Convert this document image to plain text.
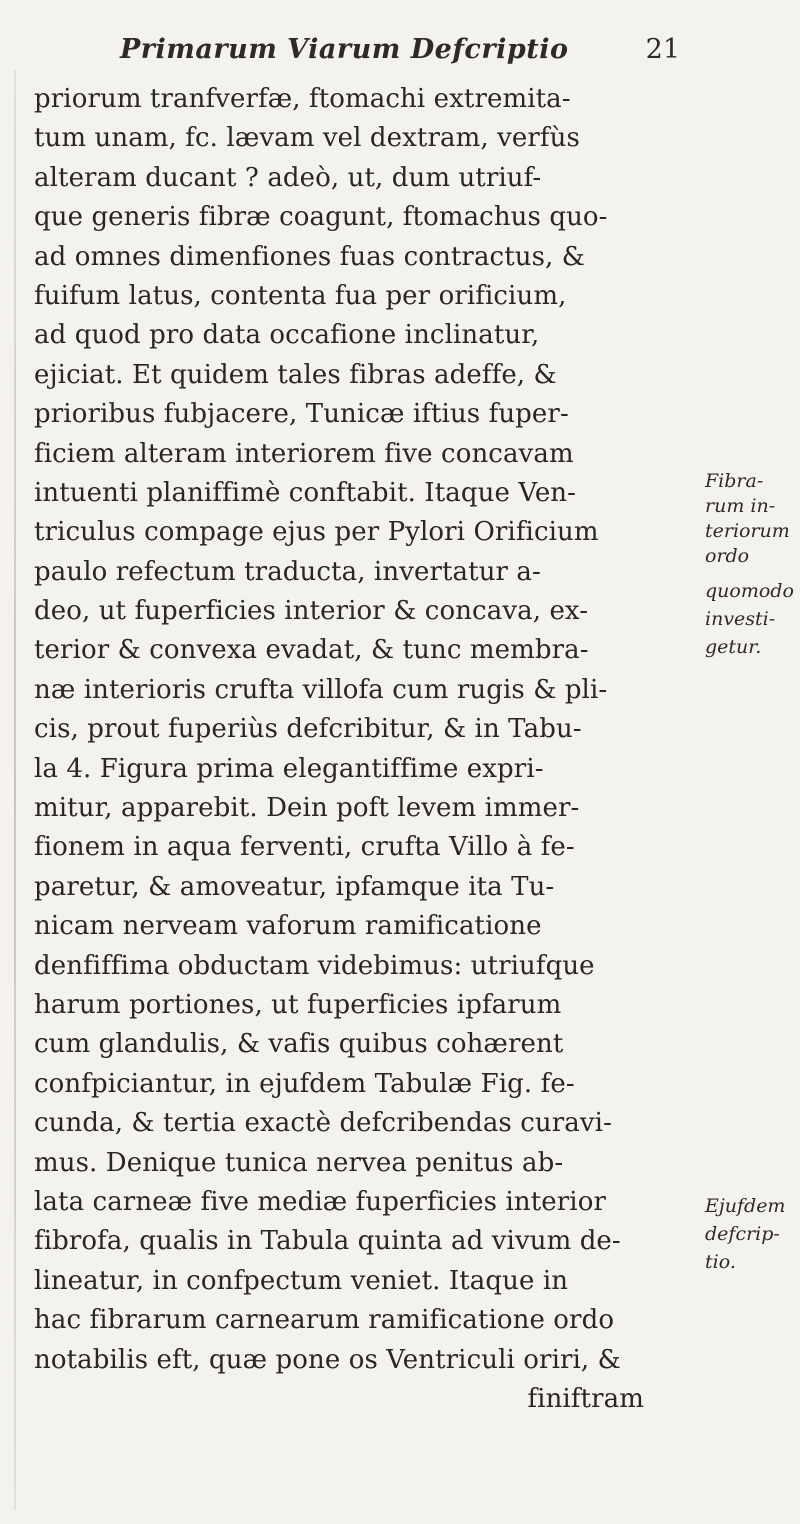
Primarum Viarum Defcriptio	21
priorum tranfverfæ, ftomachi extremita-
tum unam, fc. lævam vel dextram, verfùs
alteram ducant ? adeò, ut, dum utriuf-
que generis fibræ coagunt, ftomachus quo-
ad omnes dimenfiones fuas contractus, &
fuifum latus, contenta fua per orificium,
ad quod pro data occafione inclinatur,
ejiciat. Et quidem tales fibras adeffe, &
prioribus fubjacere, Tunicæ iftius fuper-
ficiem alteram interiorem five concavam
intuenti planiffimè conftabit. Itaque Ven-
triculus compage ejus per Pylori Orificium
paulo refectum traducta, invertatur a-
deo, ut fuperficies interior & concava, ex-
terior & convexa evadat, & tunc membra-
næ interioris crufta villofa cum rugis & pli-
cis, prout fuperiùs defcribitur, & in Tabu-
la 4. Figura prima elegantiffime expri-
mitur, apparebit. Dein poft levem immer-
fionem in aqua ferventi, crufta Villo à fe-
paretur, & amoveatur, ipfamque ita Tu-
nicam nerveam vaforum ramificatione
denfiffima obductam videbimus: utriufque
harum portiones, ut fuperficies ipfarum
cum glandulis, & vafis quibus cohærent
confpiciantur, in ejufdem Tabulæ Fig. fe-
cunda, & tertia exactè defcribendas curavi-
mus. Denique tunica nervea penitus ab-
lata carneæ five mediæ fuperficies interior
fibrofa, qualis in Tabula quinta ad vivum de-
lineatur, in confpectum veniet. Itaque in
hac fibrarum carnearum ramificatione ordo
notabilis eft, quæ pone os Ventriculi oriri, &
finiftram
Fibra-
rum in-
teriorum
ordo
quomodo
investi-
getur.
Ejufdem
defcrip-
tio.
